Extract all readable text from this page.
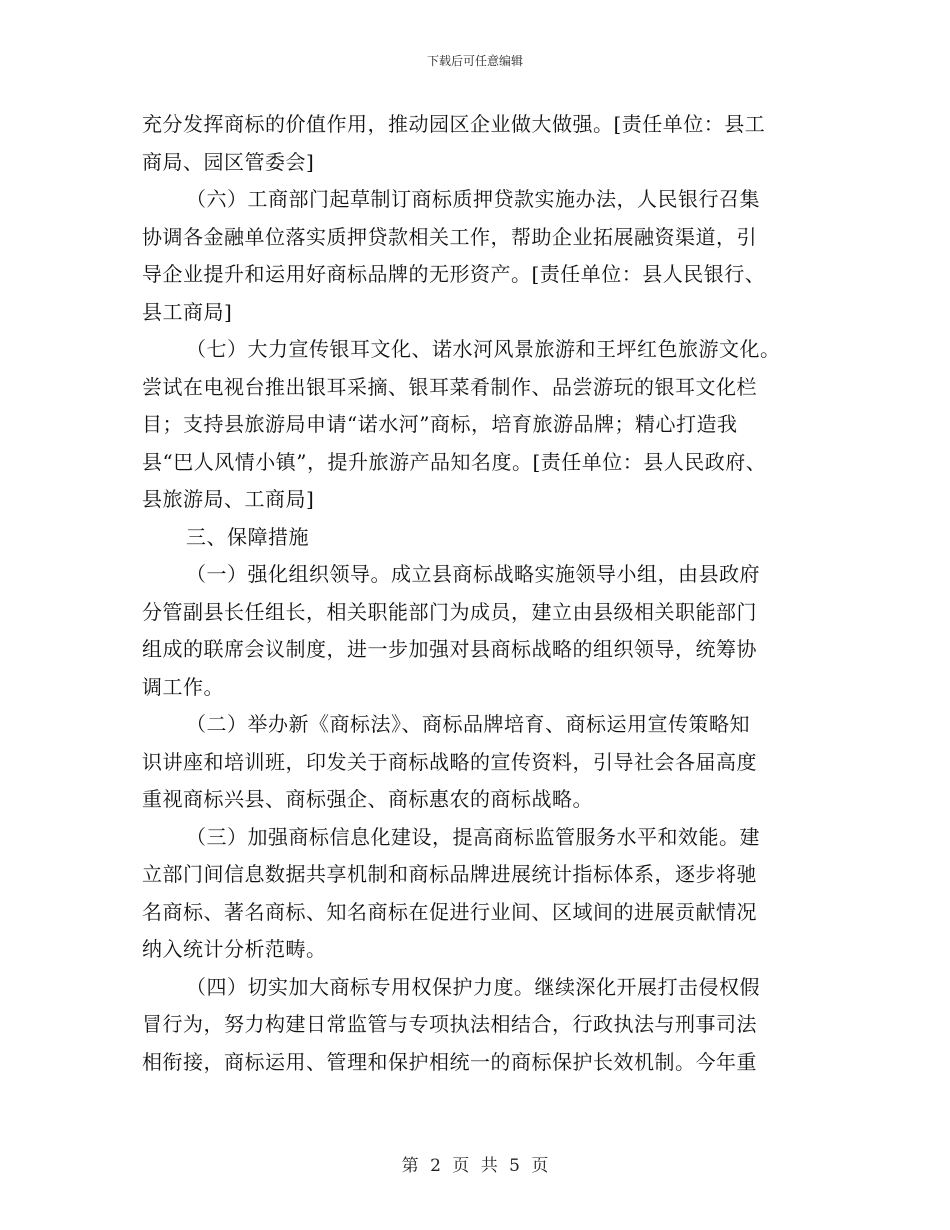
下载后可任意编辑
充分发挥商标的价值作用，推动园区企业做大做强。[责任单位：县工
商局、园区管委会]
（六）工商部门起草制订商标质押贷款实施办法，人民银行召集
协调各金融单位落实质押贷款相关工作，帮助企业拓展融资渠道，引
导企业提升和运用好商标品牌的无形资产。[责任单位：县人民银行、
县工商局]
（七）大力宣传银耳文化、诺水河风景旅游和王坪红色旅游文化。
尝试在电视台推出银耳采摘、银耳菜肴制作、品尝游玩的银耳文化栏
目；支持县旅游局申请“诺水河”商标，培育旅游品牌；精心打造我
县“巴人风情小镇”，提升旅游产品知名度。[责任单位：县人民政府、
县旅游局、工商局]
三、保障措施
（一）强化组织领导。成立县商标战略实施领导小组，由县政府
分管副县长任组长，相关职能部门为成员，建立由县级相关职能部门
组成的联席会议制度，进一步加强对县商标战略的组织领导，统筹协
调工作。
（二）举办新《商标法》、商标品牌培育、商标运用宣传策略知
识讲座和培训班，印发关于商标战略的宣传资料，引导社会各届高度
重视商标兴县、商标强企、商标惠农的商标战略。
（三）加强商标信息化建设，提高商标监管服务水平和效能。建
立部门间信息数据共享机制和商标品牌进展统计指标体系，逐步将驰
名商标、著名商标、知名商标在促进行业间、区域间的进展贡献情况
纳入统计分析范畴。
（四）切实加大商标专用权保护力度。继续深化开展打击侵权假
冒行为，努力构建日常监管与专项执法相结合，行政执法与刑事司法
相衔接，商标运用、管理和保护相统一的商标保护长效机制。今年重
第 2 页 共 5 页
